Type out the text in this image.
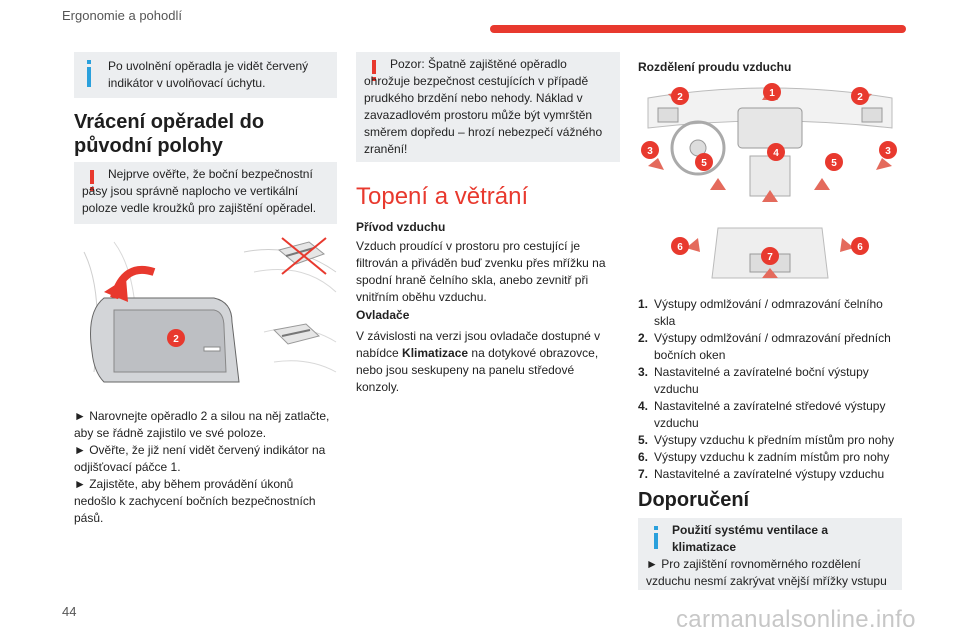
Ergonomie a pohodlí
Po uvolnění opěradla je vidět červený indikátor v uvolňovací úchytu.
Vrácení opěradel do původní polohy
Nejprve ověřte, že boční bezpečnostní pásy jsou správně naplocho ve vertikální poloze vedle kroužků pro zajištění opěradel.
2
► Narovnejte opěradlo 2 a silou na něj zatlačte, aby se řádně zajistilo ve své poloze.
► Ověřte, že již není vidět červený indikátor na odjišťovací páčce 1.
► Zajistěte, aby během provádění úkonů nedošlo k zachycení bočních bezpečnostních pásů.
Pozor: Špatně zajištěné opěradlo ohrožuje bezpečnost cestujících v případě prudkého brzdění nebo nehody. Náklad v zavazadlovém prostoru může být vymrštěn směrem dopředu – hrozí nebezpečí vážného zranění!
Topení a větrání
Přívod vzduchu
Vzduch proudící v prostoru pro cestující je filtrován a přiváděn buď zvenku přes mřížku na spodní hraně čelního skla, anebo zevnitř při vnitřním oběhu vzduchu.
Ovladače
V závislosti na verzi jsou ovladače dostupné v nabídce Klimatizace na dotykové obrazovce, nebo jsou seskupeny na panelu středové konzoly.
Rozdělení proudu vzduchu
1
2	2
3	3
4
5	5
6	6
7
1. Výstupy odmlžování / odmrazování čelního skla
2. Výstupy odmlžování / odmrazování předních bočních oken
3. Nastavitelné a zavíratelné boční výstupy vzduchu
4. Nastavitelné a zavíratelné středové výstupy vzduchu
5. Výstupy vzduchu k předním místům pro nohy
6. Výstupy vzduchu k zadním místům pro nohy
7. Nastavitelné a zavíratelné výstupy vzduchu
Doporučení
Použití systému ventilace a klimatizace
► Pro zajištění rovnoměrného rozdělení vzduchu nesmí zakrývat vnější mřížky vstupu
44	carmanualsonline.info
